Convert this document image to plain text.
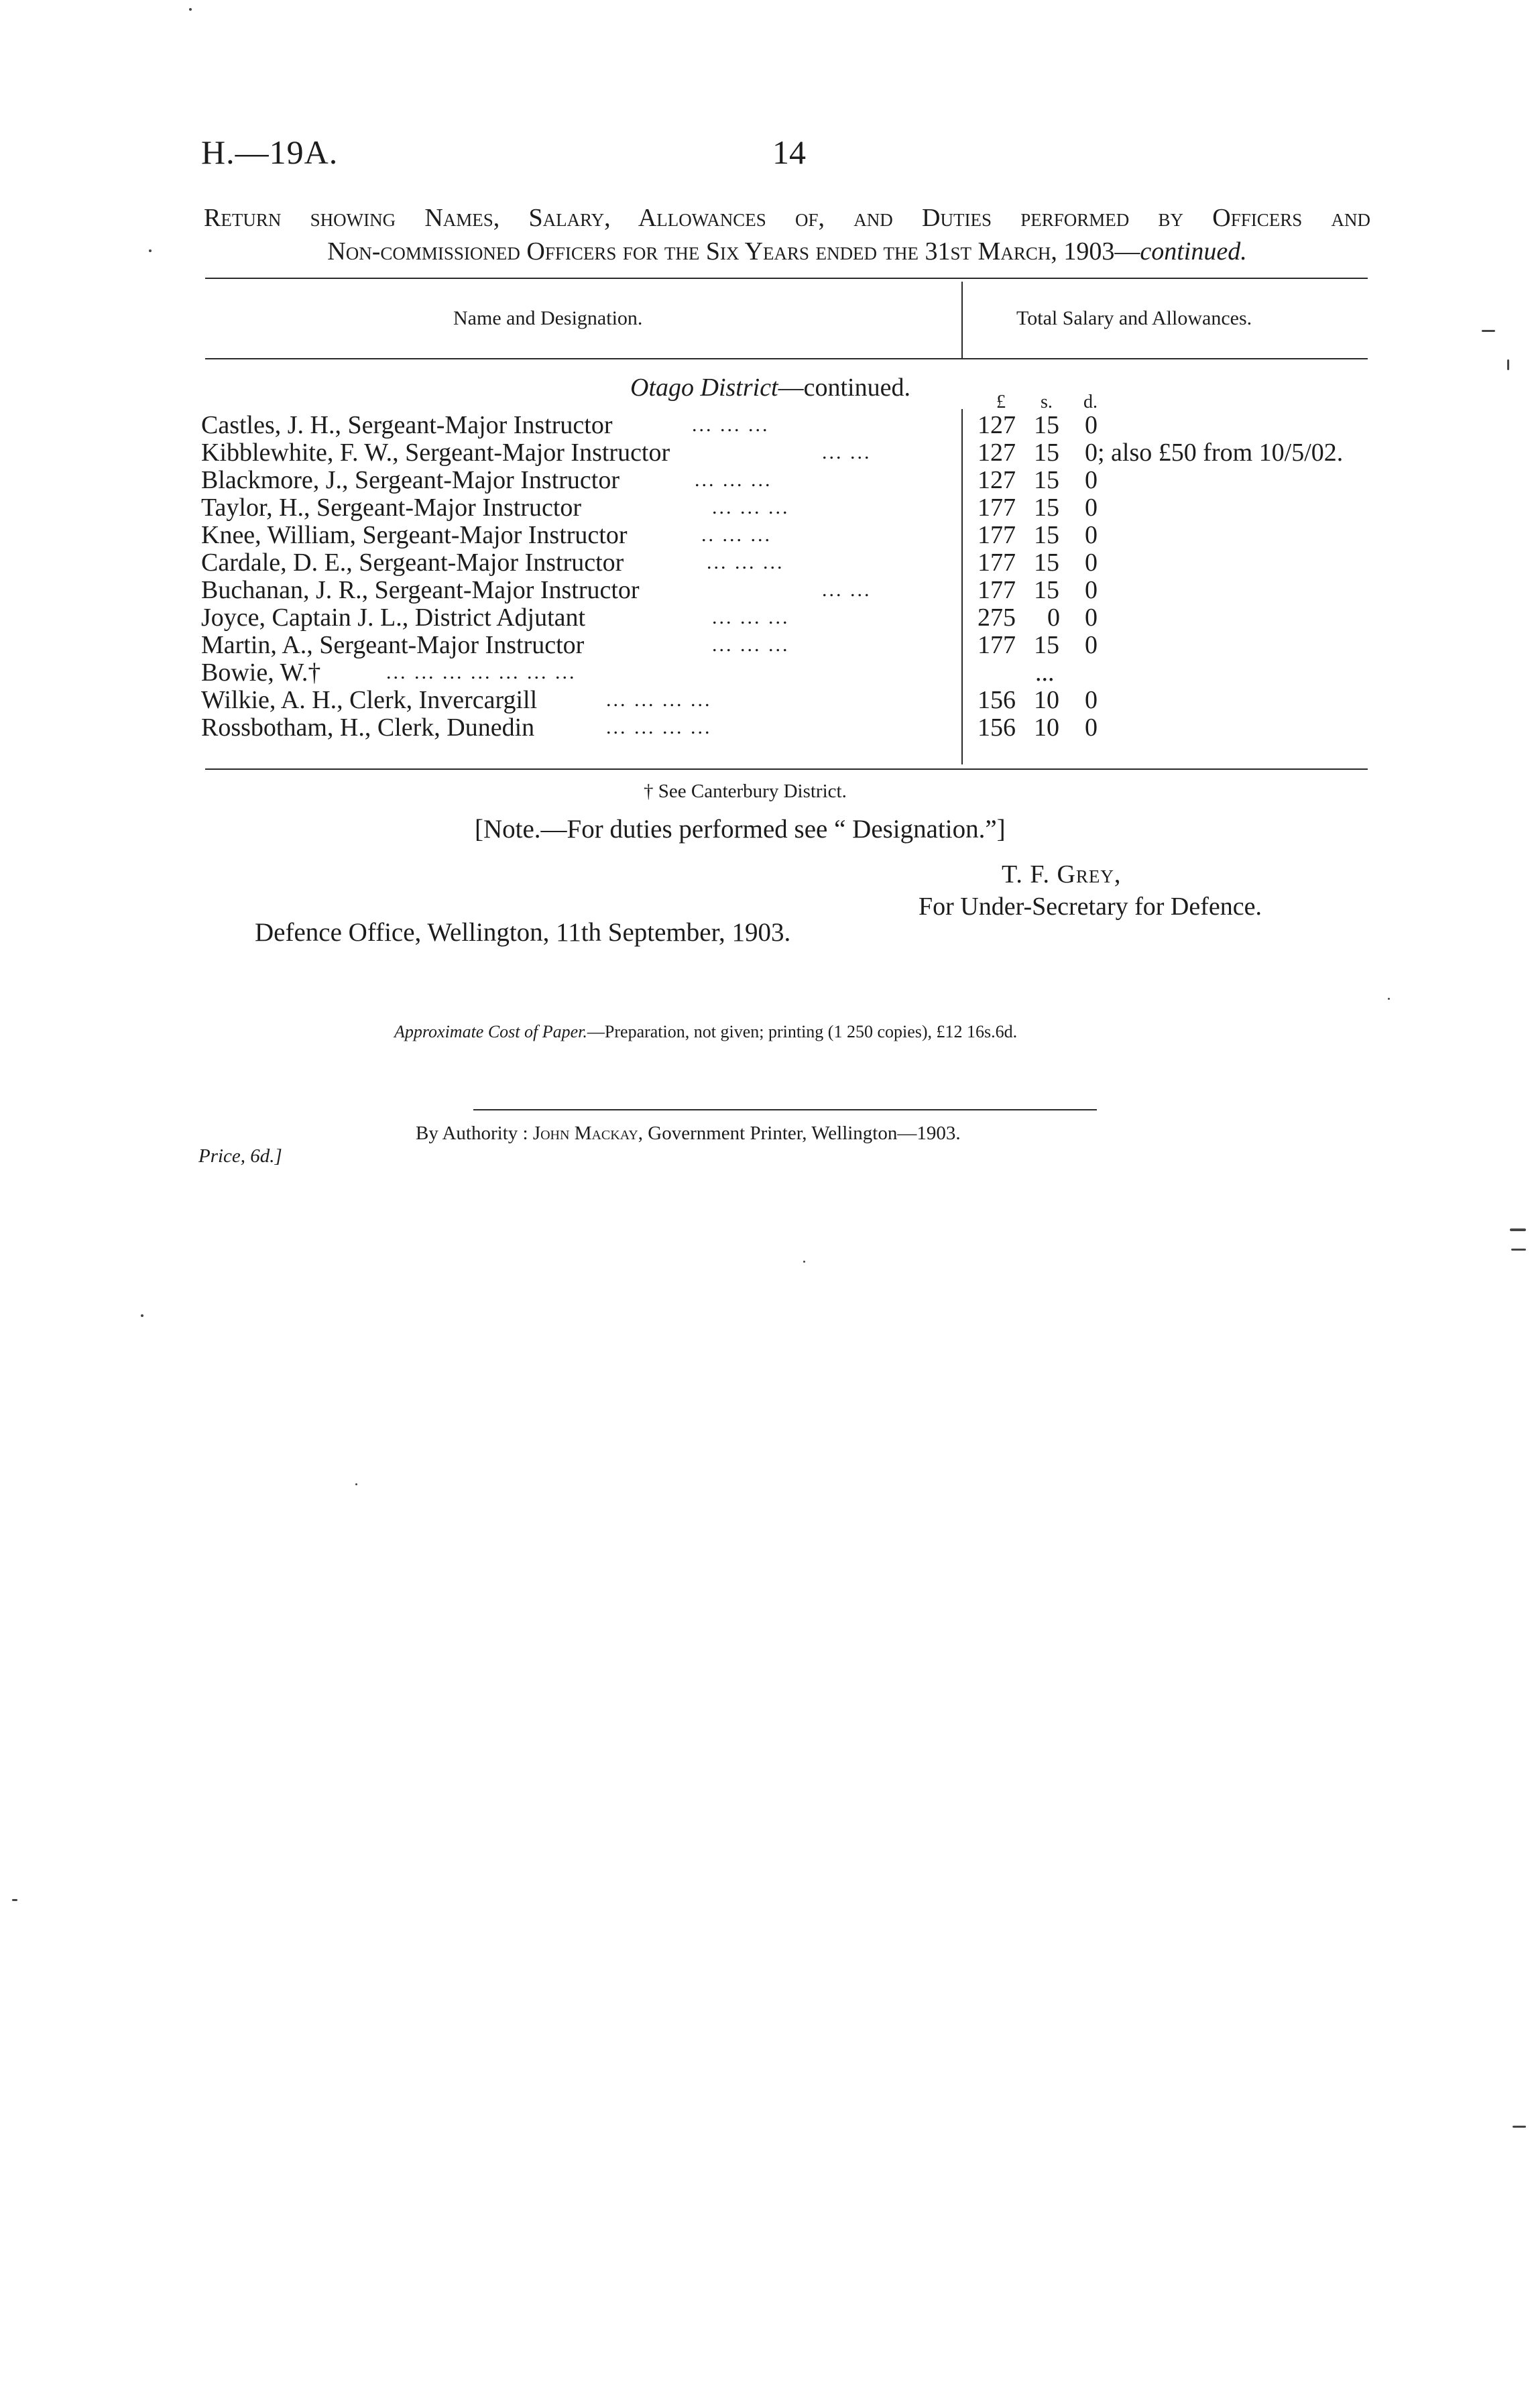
H.—19A.	14
Return showing Names, Salary, Allowances of, and Duties performed by Officers and
Non-commissioned Officers for the Six Years ended the 31st March, 1903—continued.
Name and Designation.	Total Salary and Allowances.
Otago District—continued.
£ s. d.
Castles, J. H., Sergeant-Major Instructor	... ... ...	127 15 0
Kibblewhite, F. W., Sergeant-Major Instructor	... ...	127 15 0; also £50 from 10/5/02.
Blackmore, J., Sergeant-Major Instructor	... ... ...	127 15 0
Taylor, H., Sergeant-Major Instructor	... ... ...	177 15 0
Knee, William, Sergeant-Major Instructor	.. ... ...	177 15 0
Cardale, D. E., Sergeant-Major Instructor	... ... ...	177 15 0
Buchanan, J. R., Sergeant-Major Instructor	... ...	177 15 0
Joyce, Captain J. L., District Adjutant	... ... ...	275 0 0
Martin, A., Sergeant-Major Instructor	... ... ...	177 15 0
Bowie, W.†	... ... ... ... ... ... ...	...
Wilkie, A. H., Clerk, Invercargill	... ... ... ...	156 10 0
Rossbotham, H., Clerk, Dunedin	... ... ... ...	156 10 0
† See Canterbury District.
[Note.—For duties performed see “ Designation.”]
T. F. Grey,
For Under-Secretary for Defence.
Defence Office, Wellington, 11th September, 1903.
Approximate Cost of Paper.—Preparation, not given; printing (1 250 copies), £12 16s.6d.
By Authority : John Mackay, Government Printer, Wellington—1903.
Price, 6d.]
